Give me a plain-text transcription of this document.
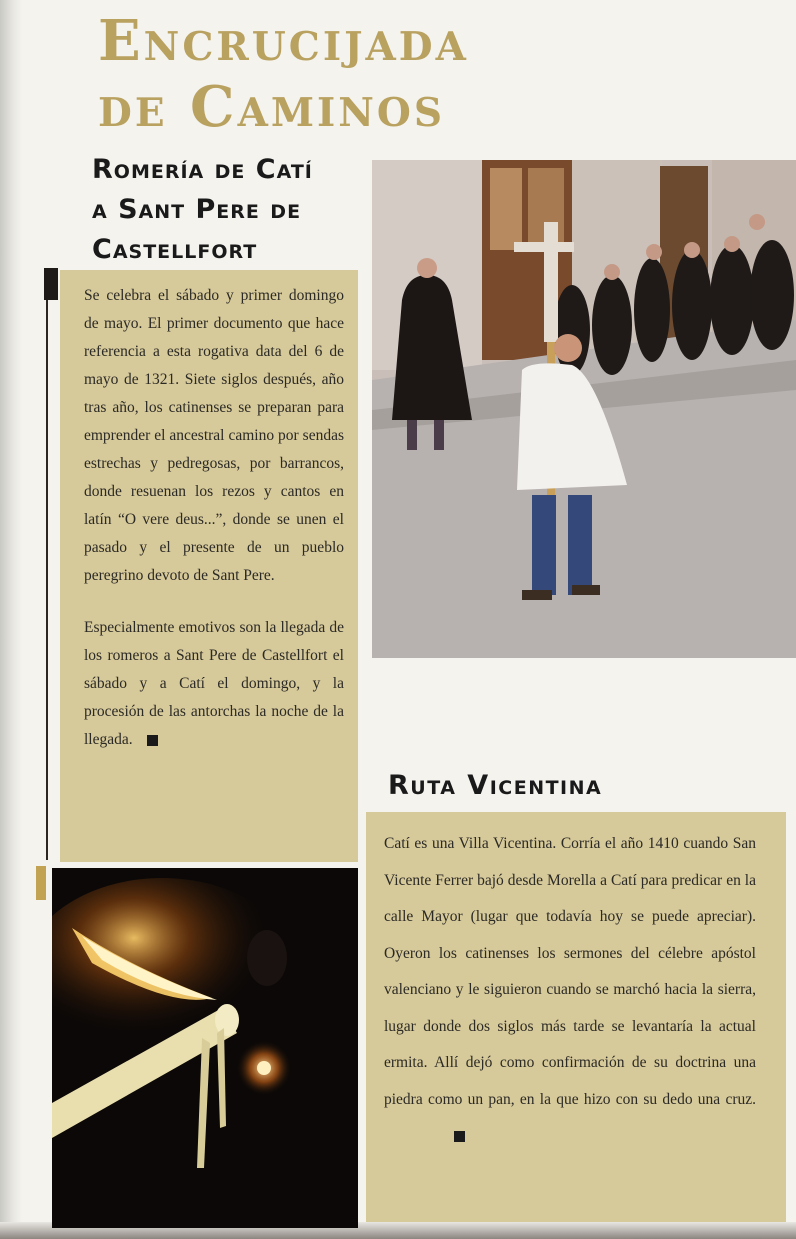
Encrucijada
de Caminos
Romería de Catí
a Sant Pere de
Castellfort

Se celebra el sábado y primer domingo de mayo. El primer documento que hace referencia a esta rogativa data del 6 de mayo de 1321. Siete siglos después, año tras año, los catinenses se preparan para emprender el ancestral camino por sendas estrechas y pedregosas, por barrancos, donde resuenan los rezos y cantos en latín “O vere deus...”, donde se unen el pasado y el presente de un pueblo peregrino devoto de Sant Pere.

Especialmente emotivos son la llegada de los romeros a Sant Pere de Castellfort el sábado y a Catí el domingo, y la procesión de las antorchas la noche de la llegada.

Ruta Vicentina

Catí es una Villa Vicentina. Corría el año 1410 cuando San Vicente Ferrer bajó desde Morella a Catí para predicar en la calle Mayor (lugar que todavía hoy se puede apreciar). Oyeron los catinenses los sermones del célebre apóstol valenciano y le siguieron cuando se marchó hacia la sierra, lugar donde dos siglos más tarde se levantaría la actual ermita. Allí dejó como confirmación de su doctrina una piedra como un pan, en la que hizo con su dedo una cruz.
